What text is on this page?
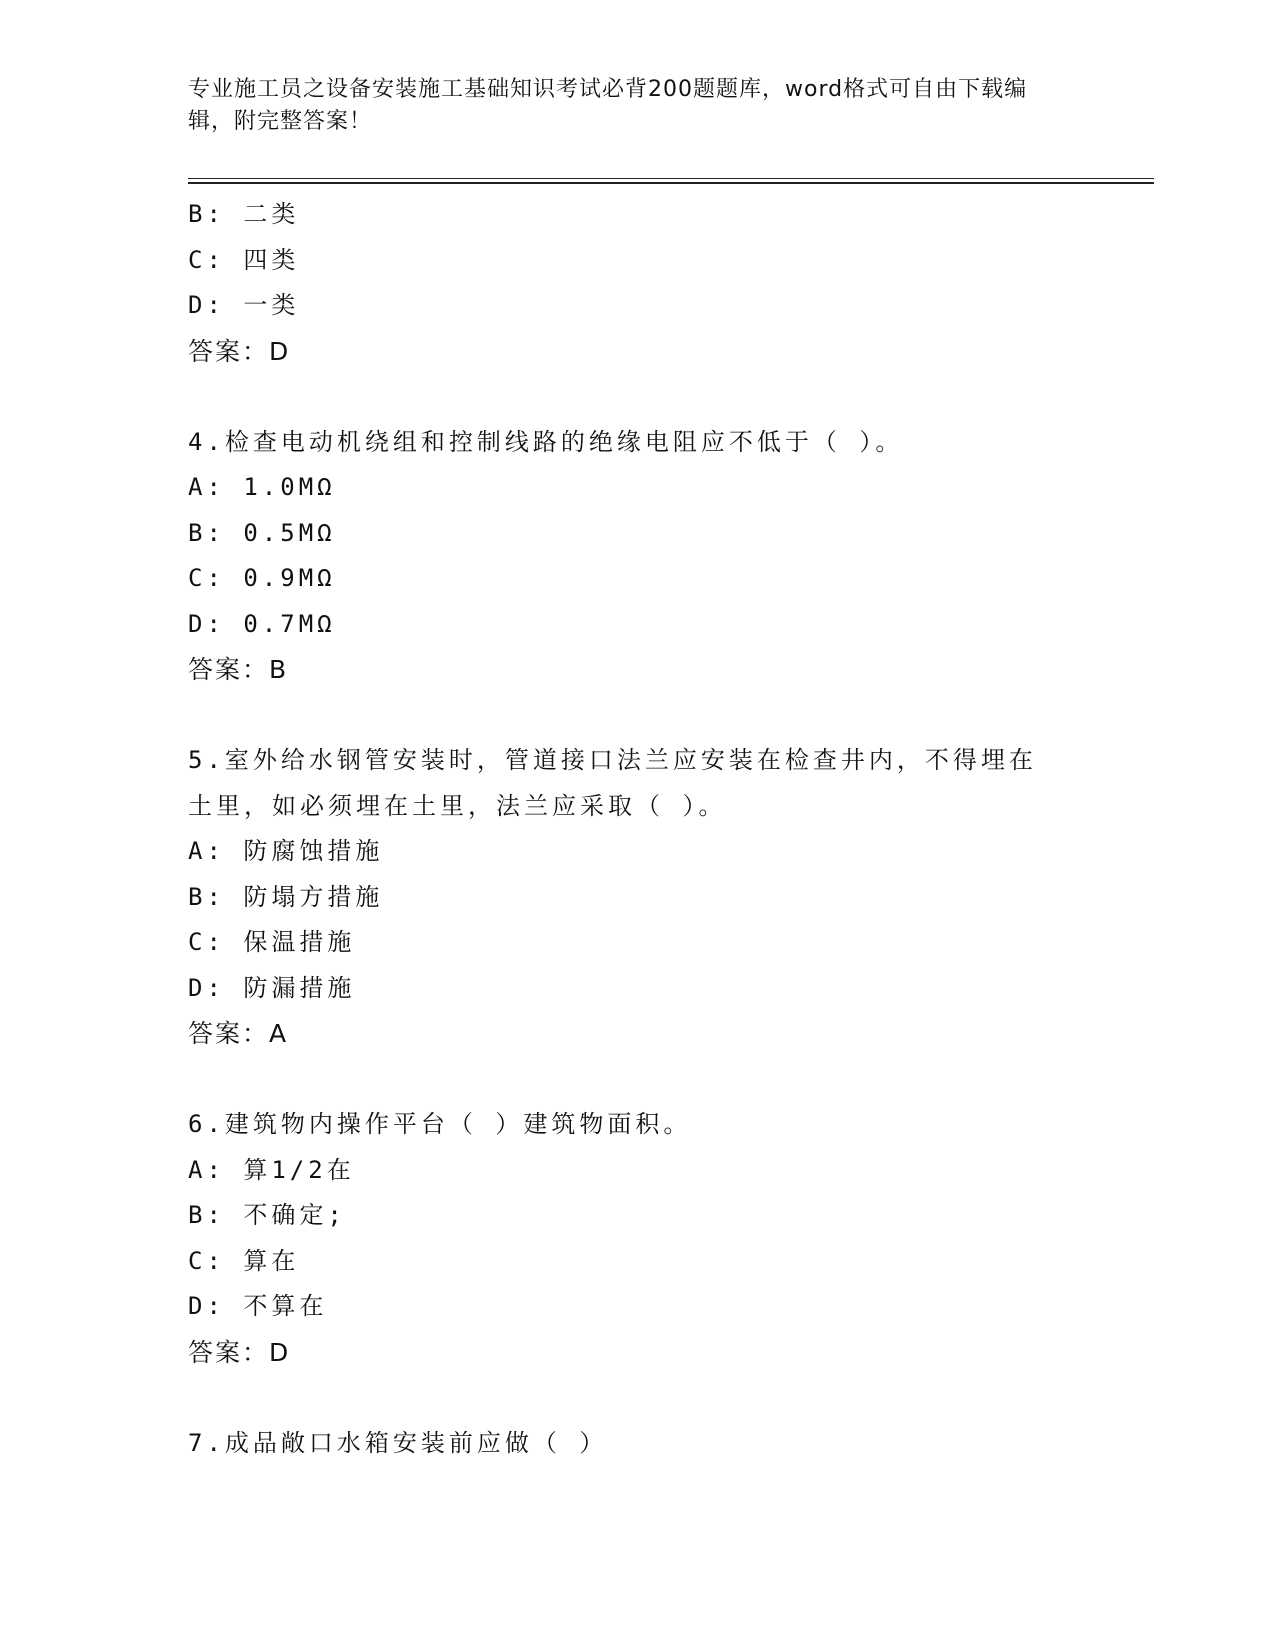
专业施工员之设备安装施工基础知识考试必背200题题库，word格式可自由下载编辑，附完整答案！
B: 二类
C: 四类
D: 一类
答案：D
4.检查电动机绕组和控制线路的绝缘电阻应不低于（ ）。
A: 1.0MΩ
B: 0.5MΩ
C: 0.9MΩ
D: 0.7MΩ
答案：B
5.室外给水钢管安装时，管道接口法兰应安装在检查井内，不得埋在土里，如必须埋在土里，法兰应采取（ ）。
A: 防腐蚀措施
B: 防塌方措施
C: 保温措施
D: 防漏措施
答案：A
6.建筑物内操作平台（ ）建筑物面积。
A: 算1/2在
B: 不确定;
C: 算在
D: 不算在
答案：D
7.成品敞口水箱安装前应做（ ）
